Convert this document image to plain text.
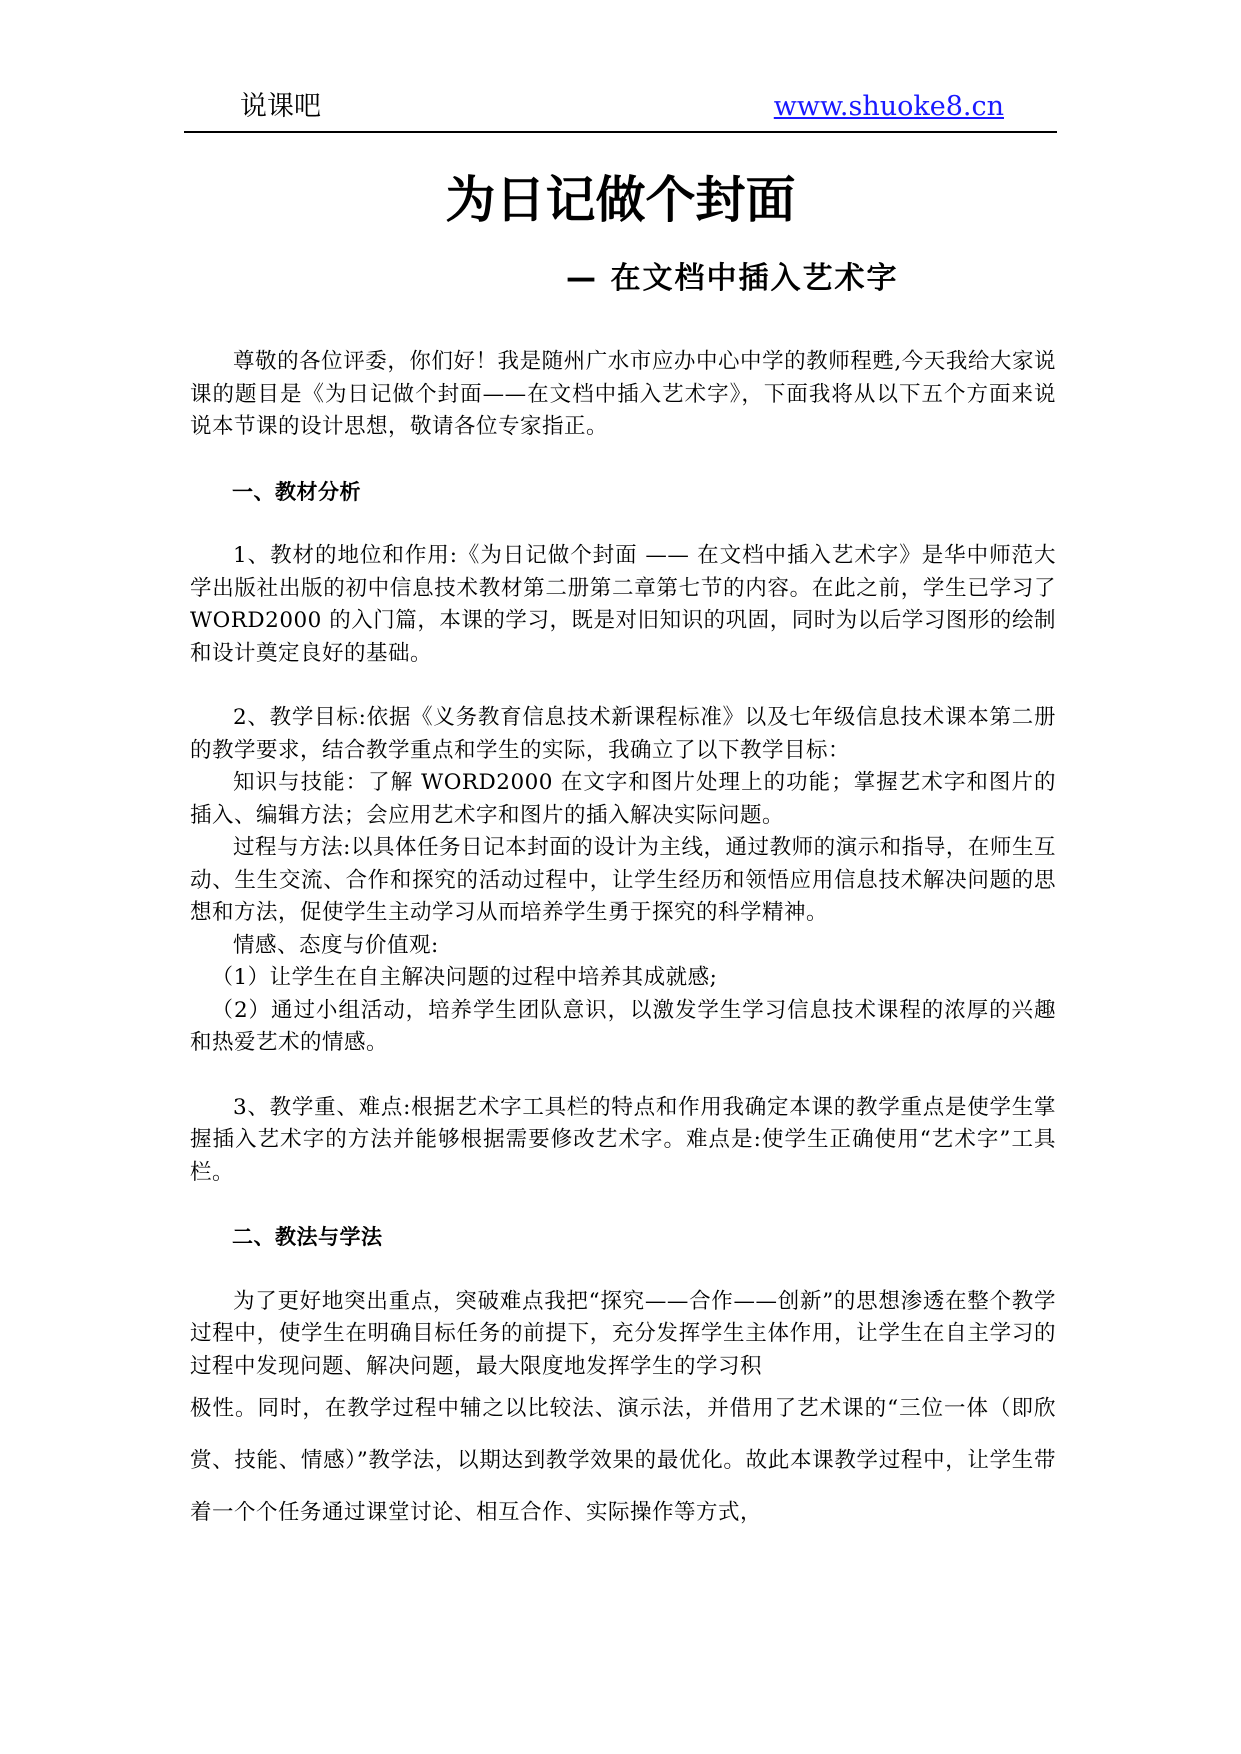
说课吧	www.shuoke8.cn
为日记做个封面
— 在文档中插入艺术字

尊敬的各位评委，你们好！我是随州广水市应办中心中学的教师程甦,今天我给大家说课的题目是《为日记做个封面——在文档中插入艺术字》，下面我将从以下五个方面来说说本节课的设计思想，敬请各位专家指正。

一、教材分析

1、教材的地位和作用:《为日记做个封面 —— 在文档中插入艺术字》是华中师范大学出版社出版的初中信息技术教材第二册第二章第七节的内容。在此之前，学生已学习了 WORD2000 的入门篇，本课的学习，既是对旧知识的巩固，同时为以后学习图形的绘制和设计奠定良好的基础。

2、教学目标:依据《义务教育信息技术新课程标准》以及七年级信息技术课本第二册的教学要求，结合教学重点和学生的实际，我确立了以下教学目标：

知识与技能：了解 WORD2000 在文字和图片处理上的功能；掌握艺术字和图片的插入、编辑方法；会应用艺术字和图片的插入解决实际问题。

过程与方法:以具体任务日记本封面的设计为主线，通过教师的演示和指导，在师生互动、生生交流、合作和探究的活动过程中，让学生经历和领悟应用信息技术解决问题的思想和方法，促使学生主动学习从而培养学生勇于探究的科学精神。

情感、态度与价值观:

（1）让学生在自主解决问题的过程中培养其成就感;

（2）通过小组活动，培养学生团队意识，以激发学生学习信息技术课程的浓厚的兴趣和热爱艺术的情感。

3、教学重、难点:根据艺术字工具栏的特点和作用我确定本课的教学重点是使学生掌握插入艺术字的方法并能够根据需要修改艺术字。难点是:使学生正确使用“艺术字”工具栏。

二、教法与学法

为了更好地突出重点，突破难点我把“探究——合作——创新”的思想渗透在整个教学过程中，使学生在明确目标任务的前提下，充分发挥学生主体作用，让学生在自主学习的过程中发现问题、解决问题，最大限度地发挥学生的学习积

极性。同时，在教学过程中辅之以比较法、演示法，并借用了艺术课的“三位一体（即欣赏、技能、情感）”教学法，以期达到教学效果的最优化。故此本课教学过程中，让学生带着一个个任务通过课堂讨论、相互合作、实际操作等方式，
